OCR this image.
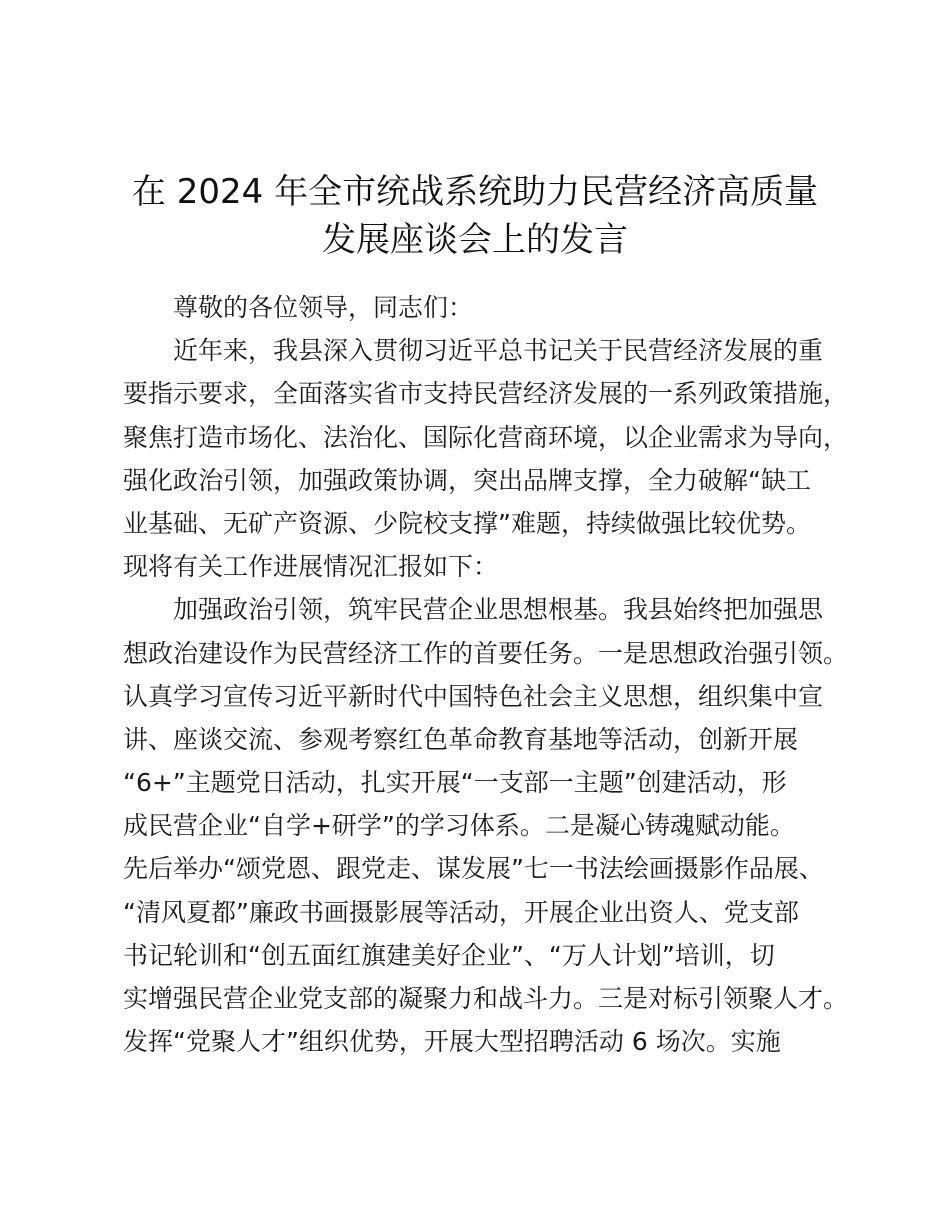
在 2024 年全市统战系统助力民营经济高质量
发展座谈会上的发言
尊敬的各位领导，同志们：
近年来，我县深入贯彻习近平总书记关于民营经济发展的重
要指示要求，全面落实省市支持民营经济发展的一系列政策措施，
聚焦打造市场化、法治化、国际化营商环境，以企业需求为导向，
强化政治引领，加强政策协调，突出品牌支撑，全力破解“缺工
业基础、无矿产资源、少院校支撑”难题，持续做强比较优势。
现将有关工作进展情况汇报如下：
加强政治引领，筑牢民营企业思想根基。我县始终把加强思
想政治建设作为民营经济工作的首要任务。一是思想政治强引领。
认真学习宣传习近平新时代中国特色社会主义思想，组织集中宣
讲、座谈交流、参观考察红色革命教育基地等活动，创新开展
“6+”主题党日活动，扎实开展“一支部一主题”创建活动，形
成民营企业“自学+研学”的学习体系。二是凝心铸魂赋动能。
先后举办“颂党恩、跟党走、谋发展”七一书法绘画摄影作品展、
“清风夏都”廉政书画摄影展等活动，开展企业出资人、党支部
书记轮训和“创五面红旗建美好企业”、“万人计划”培训，切
实增强民营企业党支部的凝聚力和战斗力。三是对标引领聚人才。
发挥“党聚人才”组织优势，开展大型招聘活动 6 场次。实施
